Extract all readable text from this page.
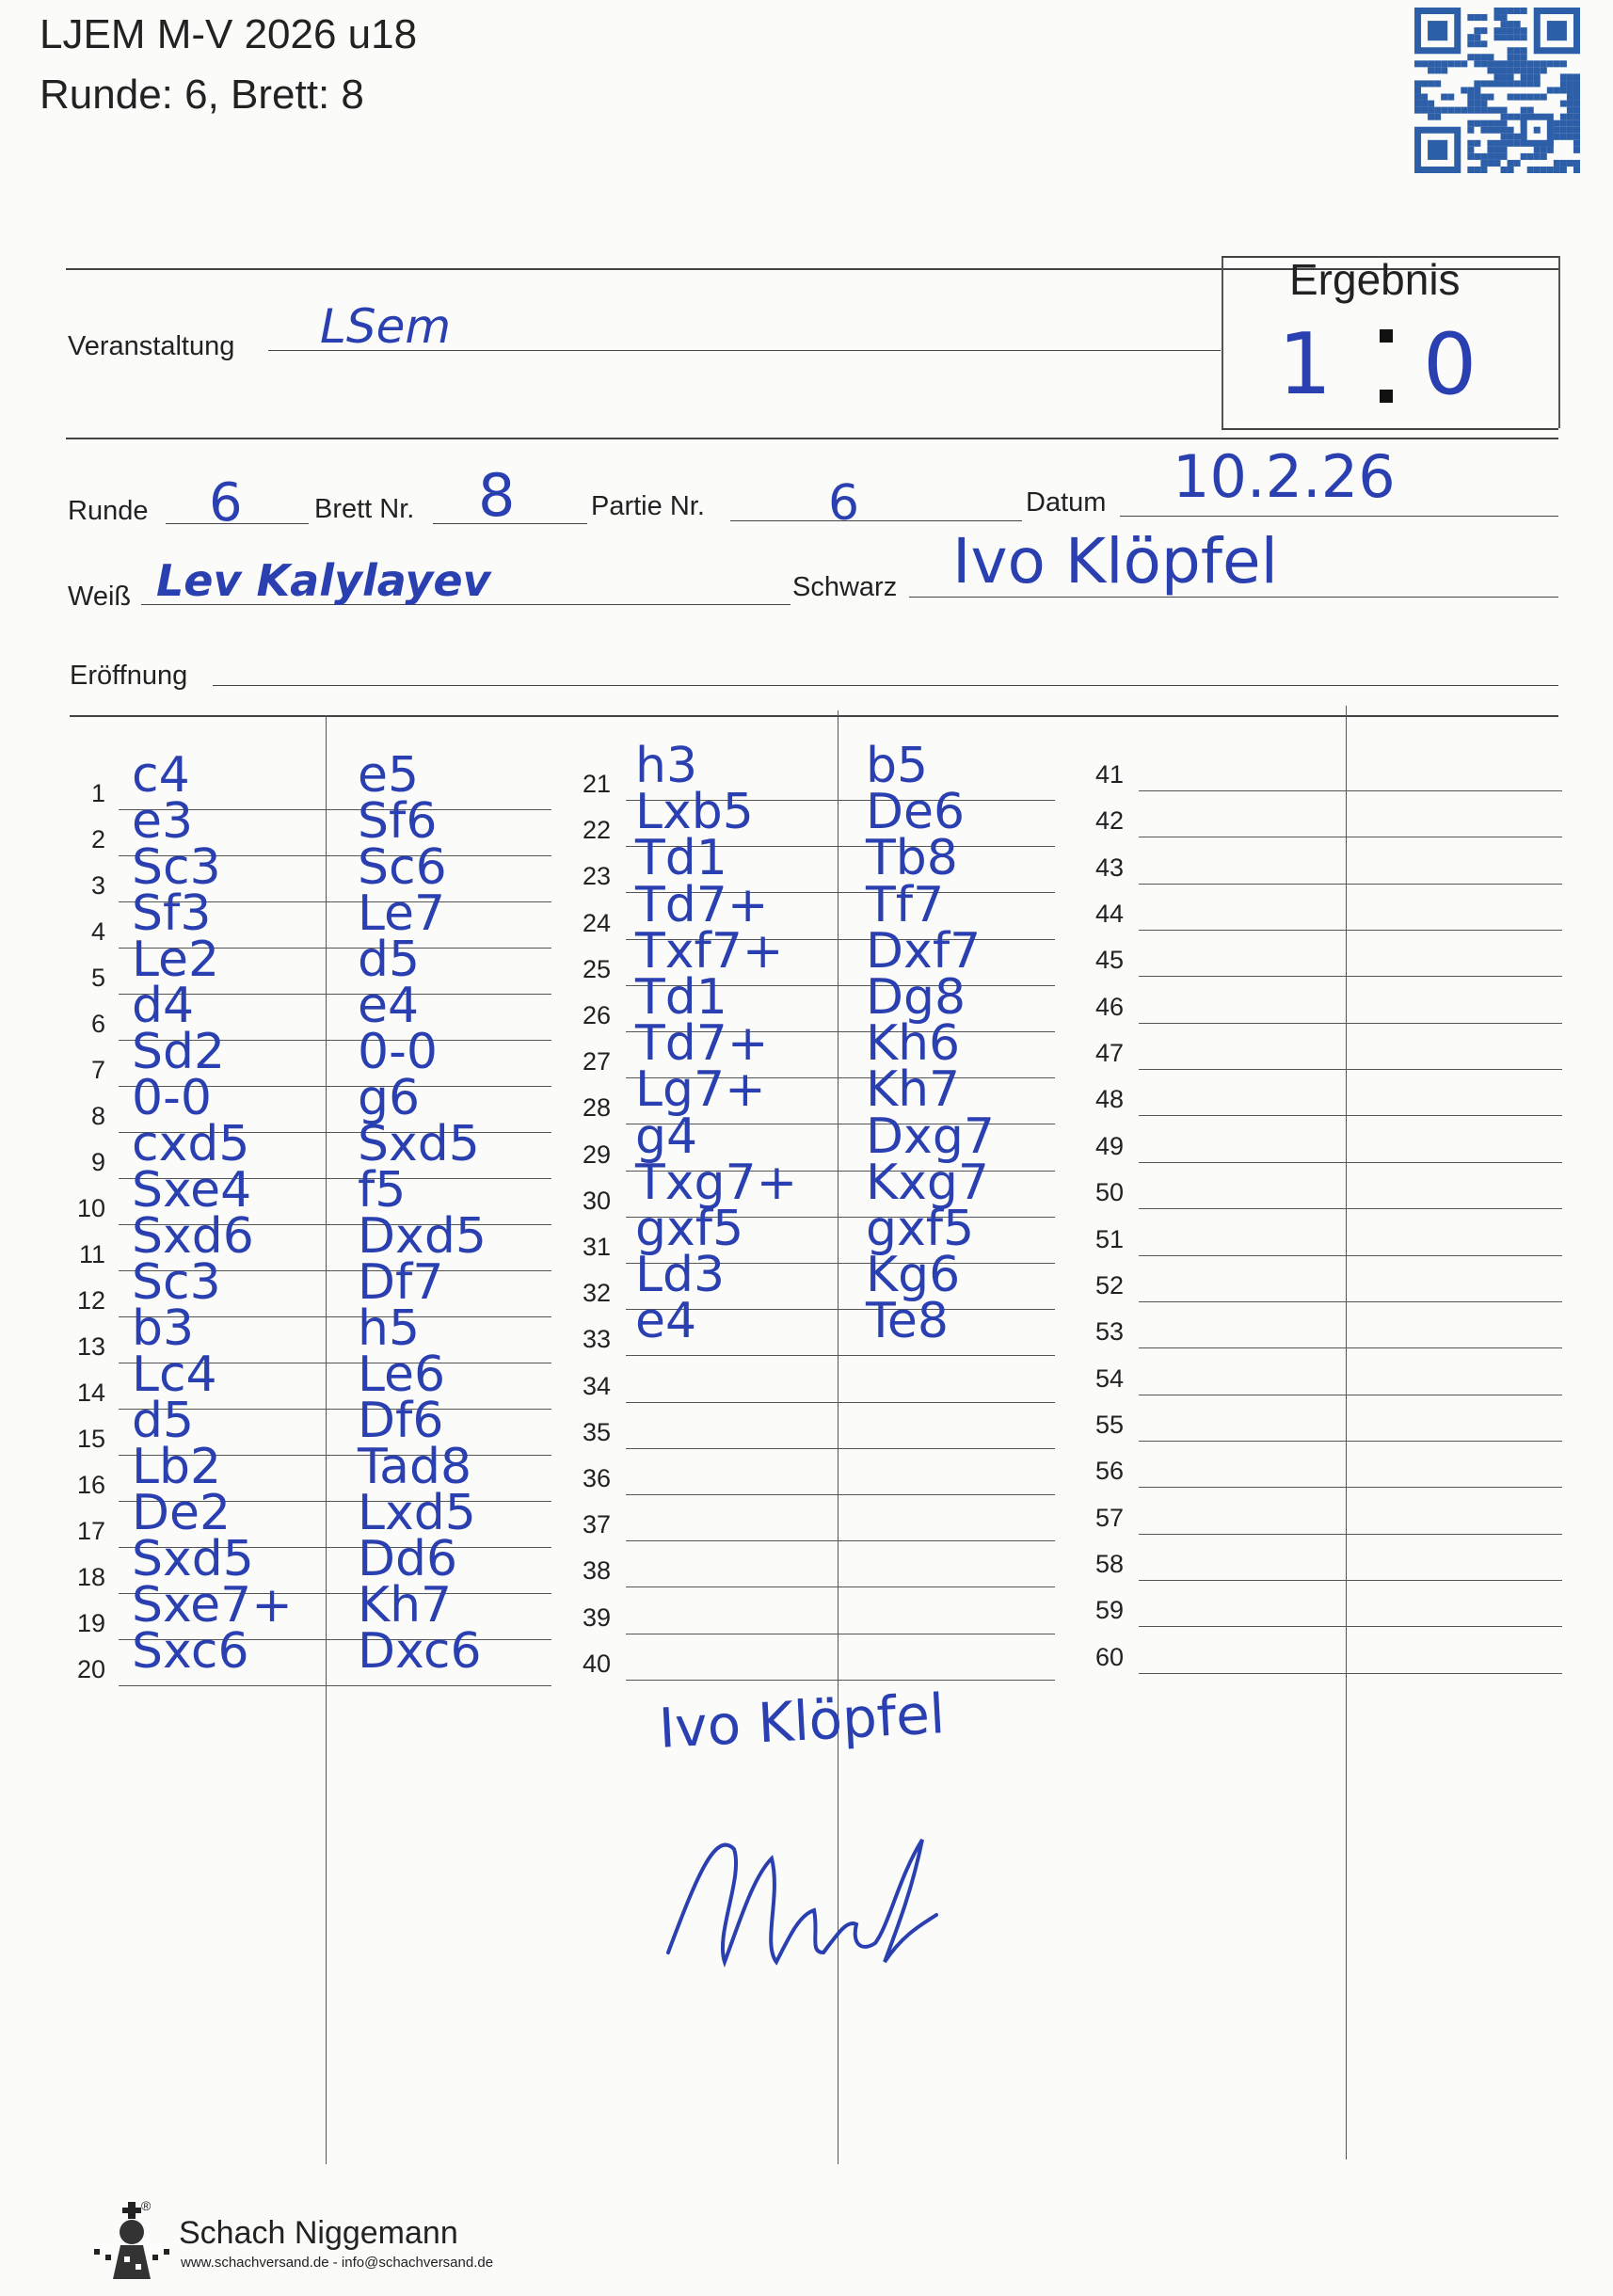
LJEM M-V 2026 u18
Runde: 6, Brett: 8
Veranstaltung LSem
Ergebnis
1 0
Runde 6	Brett Nr. 8	Partie Nr.	6	Datum 10.2.26
Weiß Lev Kalylayev	Schwarz Ivo Klöpfel
Eröffnung
1 c4	e5
2 e3	Sf6
3 Sc3	Sc6
4 Sf3	Le7
5 Le2	d5
6 d4	e4
7 Sd2	0-0
8 0-0	g6
9 cxd5 Sxd5
10 Sxe4 f5
11 Sxd6 Dxd5
12 Sc3	Df7
13 b3	h5
14 Lc4	Le6
15 d5	Df6
16 Lb2	Tad8
17 De2	Lxd5
18 Sxd5 Dd6
19 Sxe7+ Kh7
20 Sxc6 Dxc6
21 h3	b5
22 Lxb5 De6
23 Td1	Tb8
24 Td7+ Tf7
25 Txf7+ Dxf7
26 Td1	Dg8
27 Td7+ Kh6
28 Lg7+ Kh7
29 g4	Dxg7
30 Txg7+ Kxg7
31 gxf5 gxf5
32 Ld3	Kg6
33 e4	Te8
34
35
36
37
38
39
40
41
42
43
44
45
46
47
48
49
50
51
52
53
54
55
56
57
58
59
60
Ivo Klöpfel
®
Schach Niggemann
www.schachversand.de - info@schachversand.de
